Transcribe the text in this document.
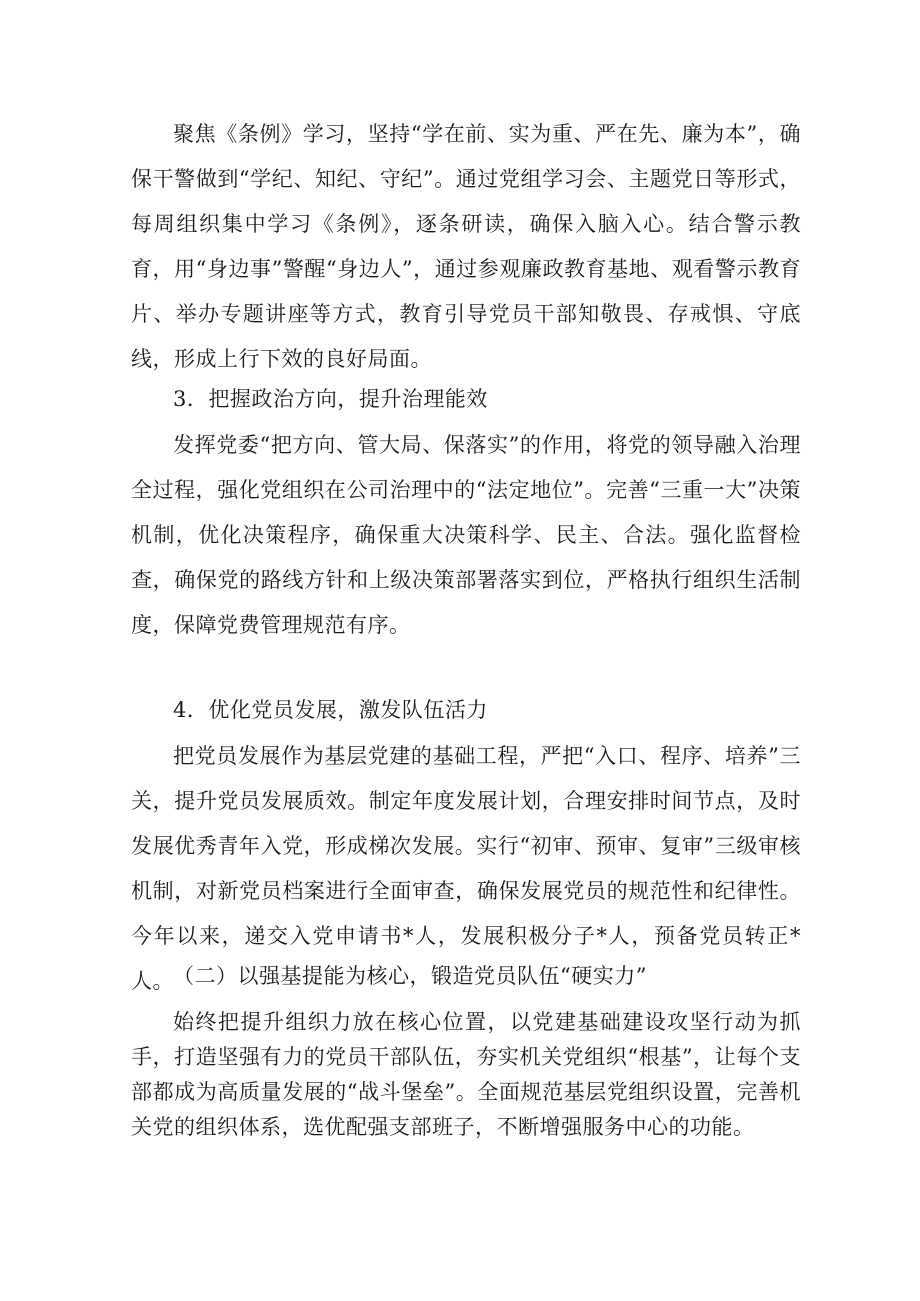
聚焦《条例》学习，坚持“学在前、实为重、严在先、廉为本”，确保干警做到“学纪、知纪、守纪”。通过党组学习会、主题党日等形式，每周组织集中学习《条例》，逐条研读，确保入脑入心。结合警示教育，用“身边事”警醒“身边人”，通过参观廉政教育基地、观看警示教育片、举办专题讲座等方式，教育引导党员干部知敬畏、存戒惧、守底线，形成上行下效的良好局面。

3．把握政治方向，提升治理能效

发挥党委“把方向、管大局、保落实”的作用，将党的领导融入治理全过程，强化党组织在公司治理中的“法定地位”。完善“三重一大”决策机制，优化决策程序，确保重大决策科学、民主、合法。强化监督检查，确保党的路线方针和上级决策部署落实到位，严格执行组织生活制度，保障党费管理规范有序。

4．优化党员发展，激发队伍活力

把党员发展作为基层党建的基础工程，严把“入口、程序、培养”三关，提升党员发展质效。制定年度发展计划，合理安排时间节点，及时发展优秀青年入党，形成梯次发展。实行“初审、预审、复审”三级审核机制，对新党员档案进行全面审查，确保发展党员的规范性和纪律性。今年以来，递交入党申请书*人，发展积极分子*人，预备党员转正*人。 （二）以强基提能为核心，锻造党员队伍“硬实力”

始终把提升组织力放在核心位置，以党建基础建设攻坚行动为抓手，打造坚强有力的党员干部队伍，夯实机关党组织“根基”，让每个支部都成为高质量发展的“战斗堡垒”。全面规范基层党组织设置，完善机关党的组织体系，选优配强支部班子，不断增强服务中心的功能。
